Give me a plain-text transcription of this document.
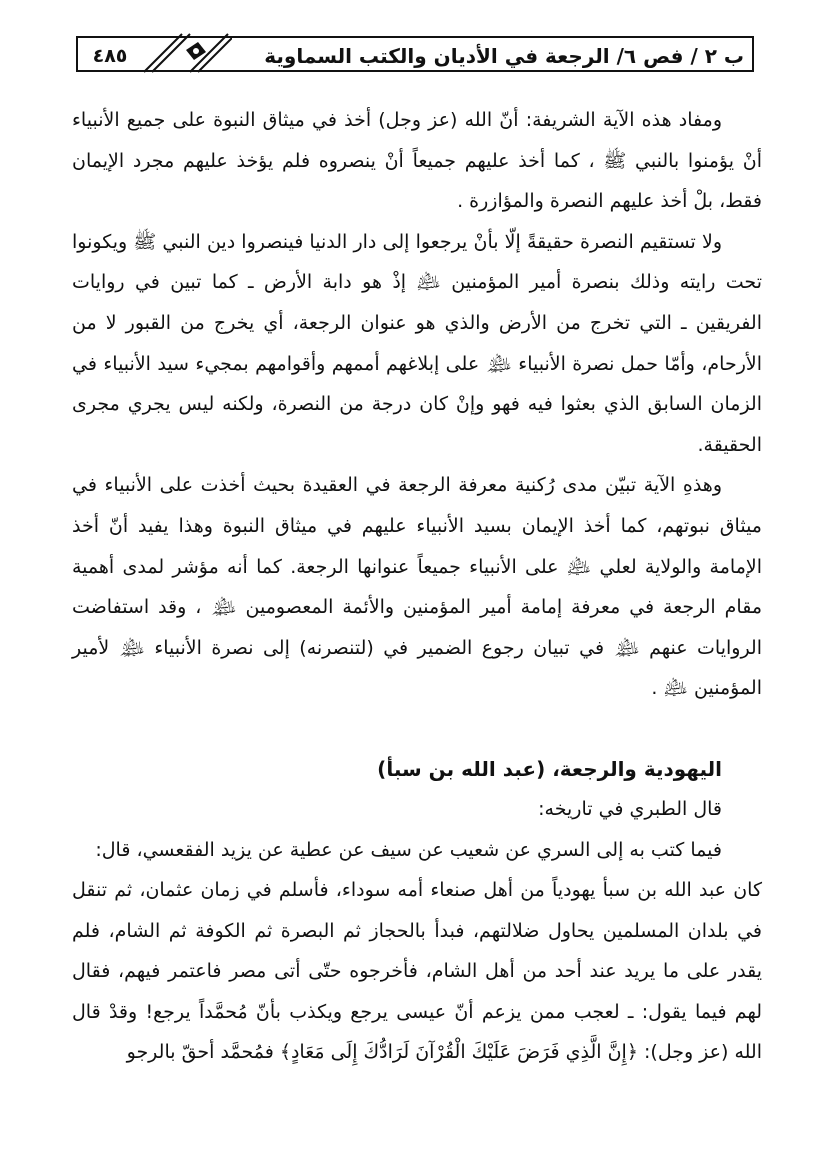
٤٨٥	ب ٢ / فص ٦/ الرجعة في الأديان والكتب السماوية

ومفاد هذه الآية الشريفة: أنّ الله (عز وجل) أخذ في ميثاق النبوة على جميع الأنبياء أنْ يؤمنوا بالنبي ﷺ ، كما أخذ عليهم جميعاً أنْ ينصروه فلم يؤخذ عليهم مجرد الإيمان فقط، بلْ أخذ عليهم النصرة والمؤازرة .

ولا تستقيم النصرة حقيقةً إلّا بأنْ يرجعوا إلى دار الدنيا فينصروا دين النبي ﷺ ويكونوا تحت رايته وذلك بنصرة أمير المؤمنين ﵇ إذْ هو دابة الأرض ـ كما تبين في روايات الفريقين ـ التي تخرج من الأرض والذي هو عنوان الرجعة، أي يخرج من القبور لا من الأرحام، وأمّا حمل نصرة الأنبياء ﵈ على إبلاغهم أممهم وأقوامهم بمجيء سيد الأنبياء في الزمان السابق الذي بعثوا فيه فهو وإنْ كان درجة من النصرة، ولكنه ليس يجري مجرى الحقيقة.

وهذهِ الآية تبيّن مدى رُكنية معرفة الرجعة في العقيدة بحيث أخذت على الأنبياء في ميثاق نبوتهم، كما أخذ الإيمان بسيد الأنبياء عليهم في ميثاق النبوة وهذا يفيد أنّ أخذ الإمامة والولاية لعلي ﵇ على الأنبياء جميعاً عنوانها الرجعة. كما أنه مؤشر لمدى أهمية مقام الرجعة في معرفة إمامة أمير المؤمنين والأئمة المعصومين ﵈ ، وقد استفاضت الروايات عنهم ﵈ في تبيان رجوع الضمير في (لتنصرنه) إلى نصرة الأنبياء ﵈ لأمير المؤمنين ﵇ .

اليهودية والرجعة، (عبد الله بن سبأ)

قال الطبري في تاريخه:

فيما كتب به إلى السري عن شعيب عن سيف عن عطية عن يزيد الفقعسي، قال:

كان عبد الله بن سبأ يهودياً من أهل صنعاء أمه سوداء، فأسلم في زمان عثمان، ثم تنقل في بلدان المسلمين يحاول ضلالتهم، فبدأ بالحجاز ثم البصرة ثم الكوفة ثم الشام، فلم يقدر على ما يريد عند أحد من أهل الشام، فأخرجوه حتّى أتى مصر فاعتمر فيهم، فقال لهم فيما يقول: ـ لعجب ممن يزعم أنّ عيسى يرجع ويكذب بأنّ مُحمَّداً يرجع! وقدْ قال الله (عز وجل): ﴿إِنَّ الَّذِي فَرَضَ عَلَيْكَ الْقُرْآنَ لَرَادُّكَ إِلَى مَعَادٍ﴾ فمُحمَّد أحقّ بالرجو
